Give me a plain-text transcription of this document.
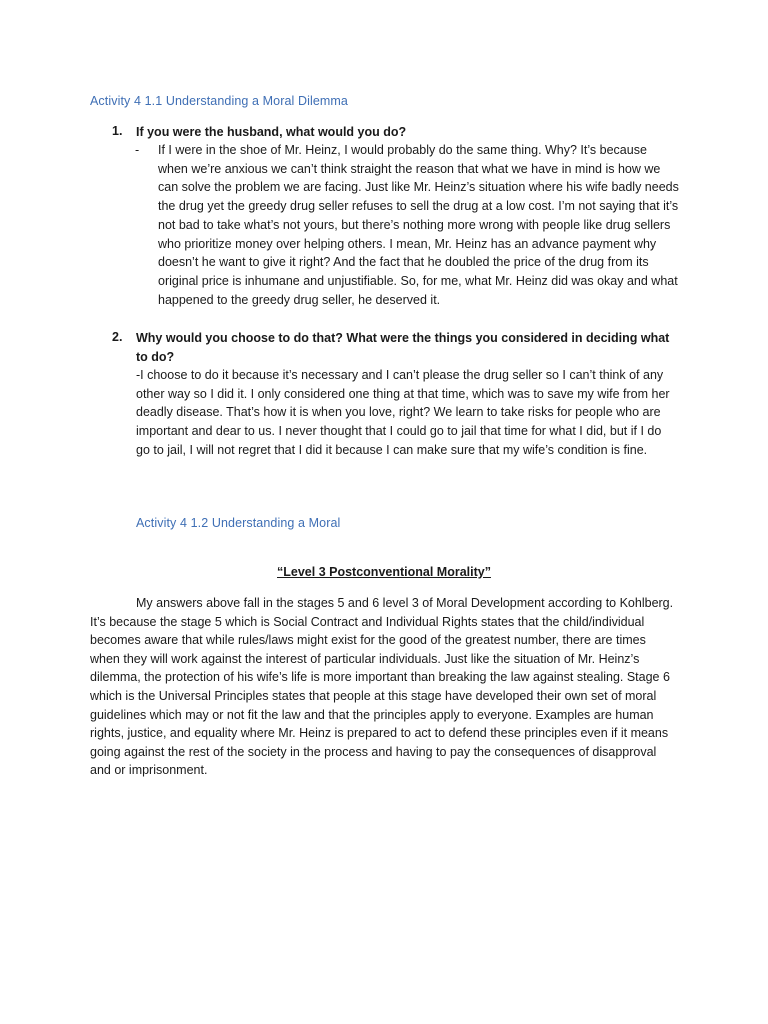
Activity 4 1.1 Understanding a Moral Dilemma
1. If you were the husband, what would you do?

- If I were in the shoe of Mr. Heinz, I would probably do the same thing. Why? It’s because when we’re anxious we can’t think straight the reason that what we have in mind is how we can solve the problem we are facing. Just like Mr. Heinz’s situation where his wife badly needs the drug yet the greedy drug seller refuses to sell the drug at a low cost. I’m not saying that it’s not bad to take what’s not yours, but there’s nothing more wrong with people like drug sellers who prioritize money over helping others. I mean, Mr. Heinz has an advance payment why doesn’t he want to give it right? And the fact that he doubled the price of the drug from its original price is inhumane and unjustifiable. So, for me, what Mr. Heinz did was okay and what happened to the greedy drug seller, he deserved it.

2. Why would you choose to do that? What were the things you considered in deciding what to do?

-I choose to do it because it’s necessary and I can’t please the drug seller so I can’t think of any other way so I did it. I only considered one thing at that time, which was to save my wife from her deadly disease. That’s how it is when you love, right? We learn to take risks for people who are important and dear to us. I never thought that I could go to jail that time for what I did, but if I do go to jail, I will not regret that I did it because I can make sure that my wife’s condition is fine.

Activity 4 1.2 Understanding a Moral

“Level 3 Postconventional Morality”

My answers above fall in the stages 5 and 6 level 3 of Moral Development according to Kohlberg. It’s because the stage 5 which is Social Contract and Individual Rights states that the child/individual becomes aware that while rules/laws might exist for the good of the greatest number, there are times when they will work against the interest of particular individuals. Just like the situation of Mr. Heinz’s dilemma, the protection of his wife’s life is more important than breaking the law against stealing. Stage 6 which is the Universal Principles states that people at this stage have developed their own set of moral guidelines which may or not fit the law and that the principles apply to everyone. Examples are human rights, justice, and equality where Mr. Heinz is prepared to act to defend these principles even if it means going against the rest of the society in the process and having to pay the consequences of disapproval and or imprisonment.
